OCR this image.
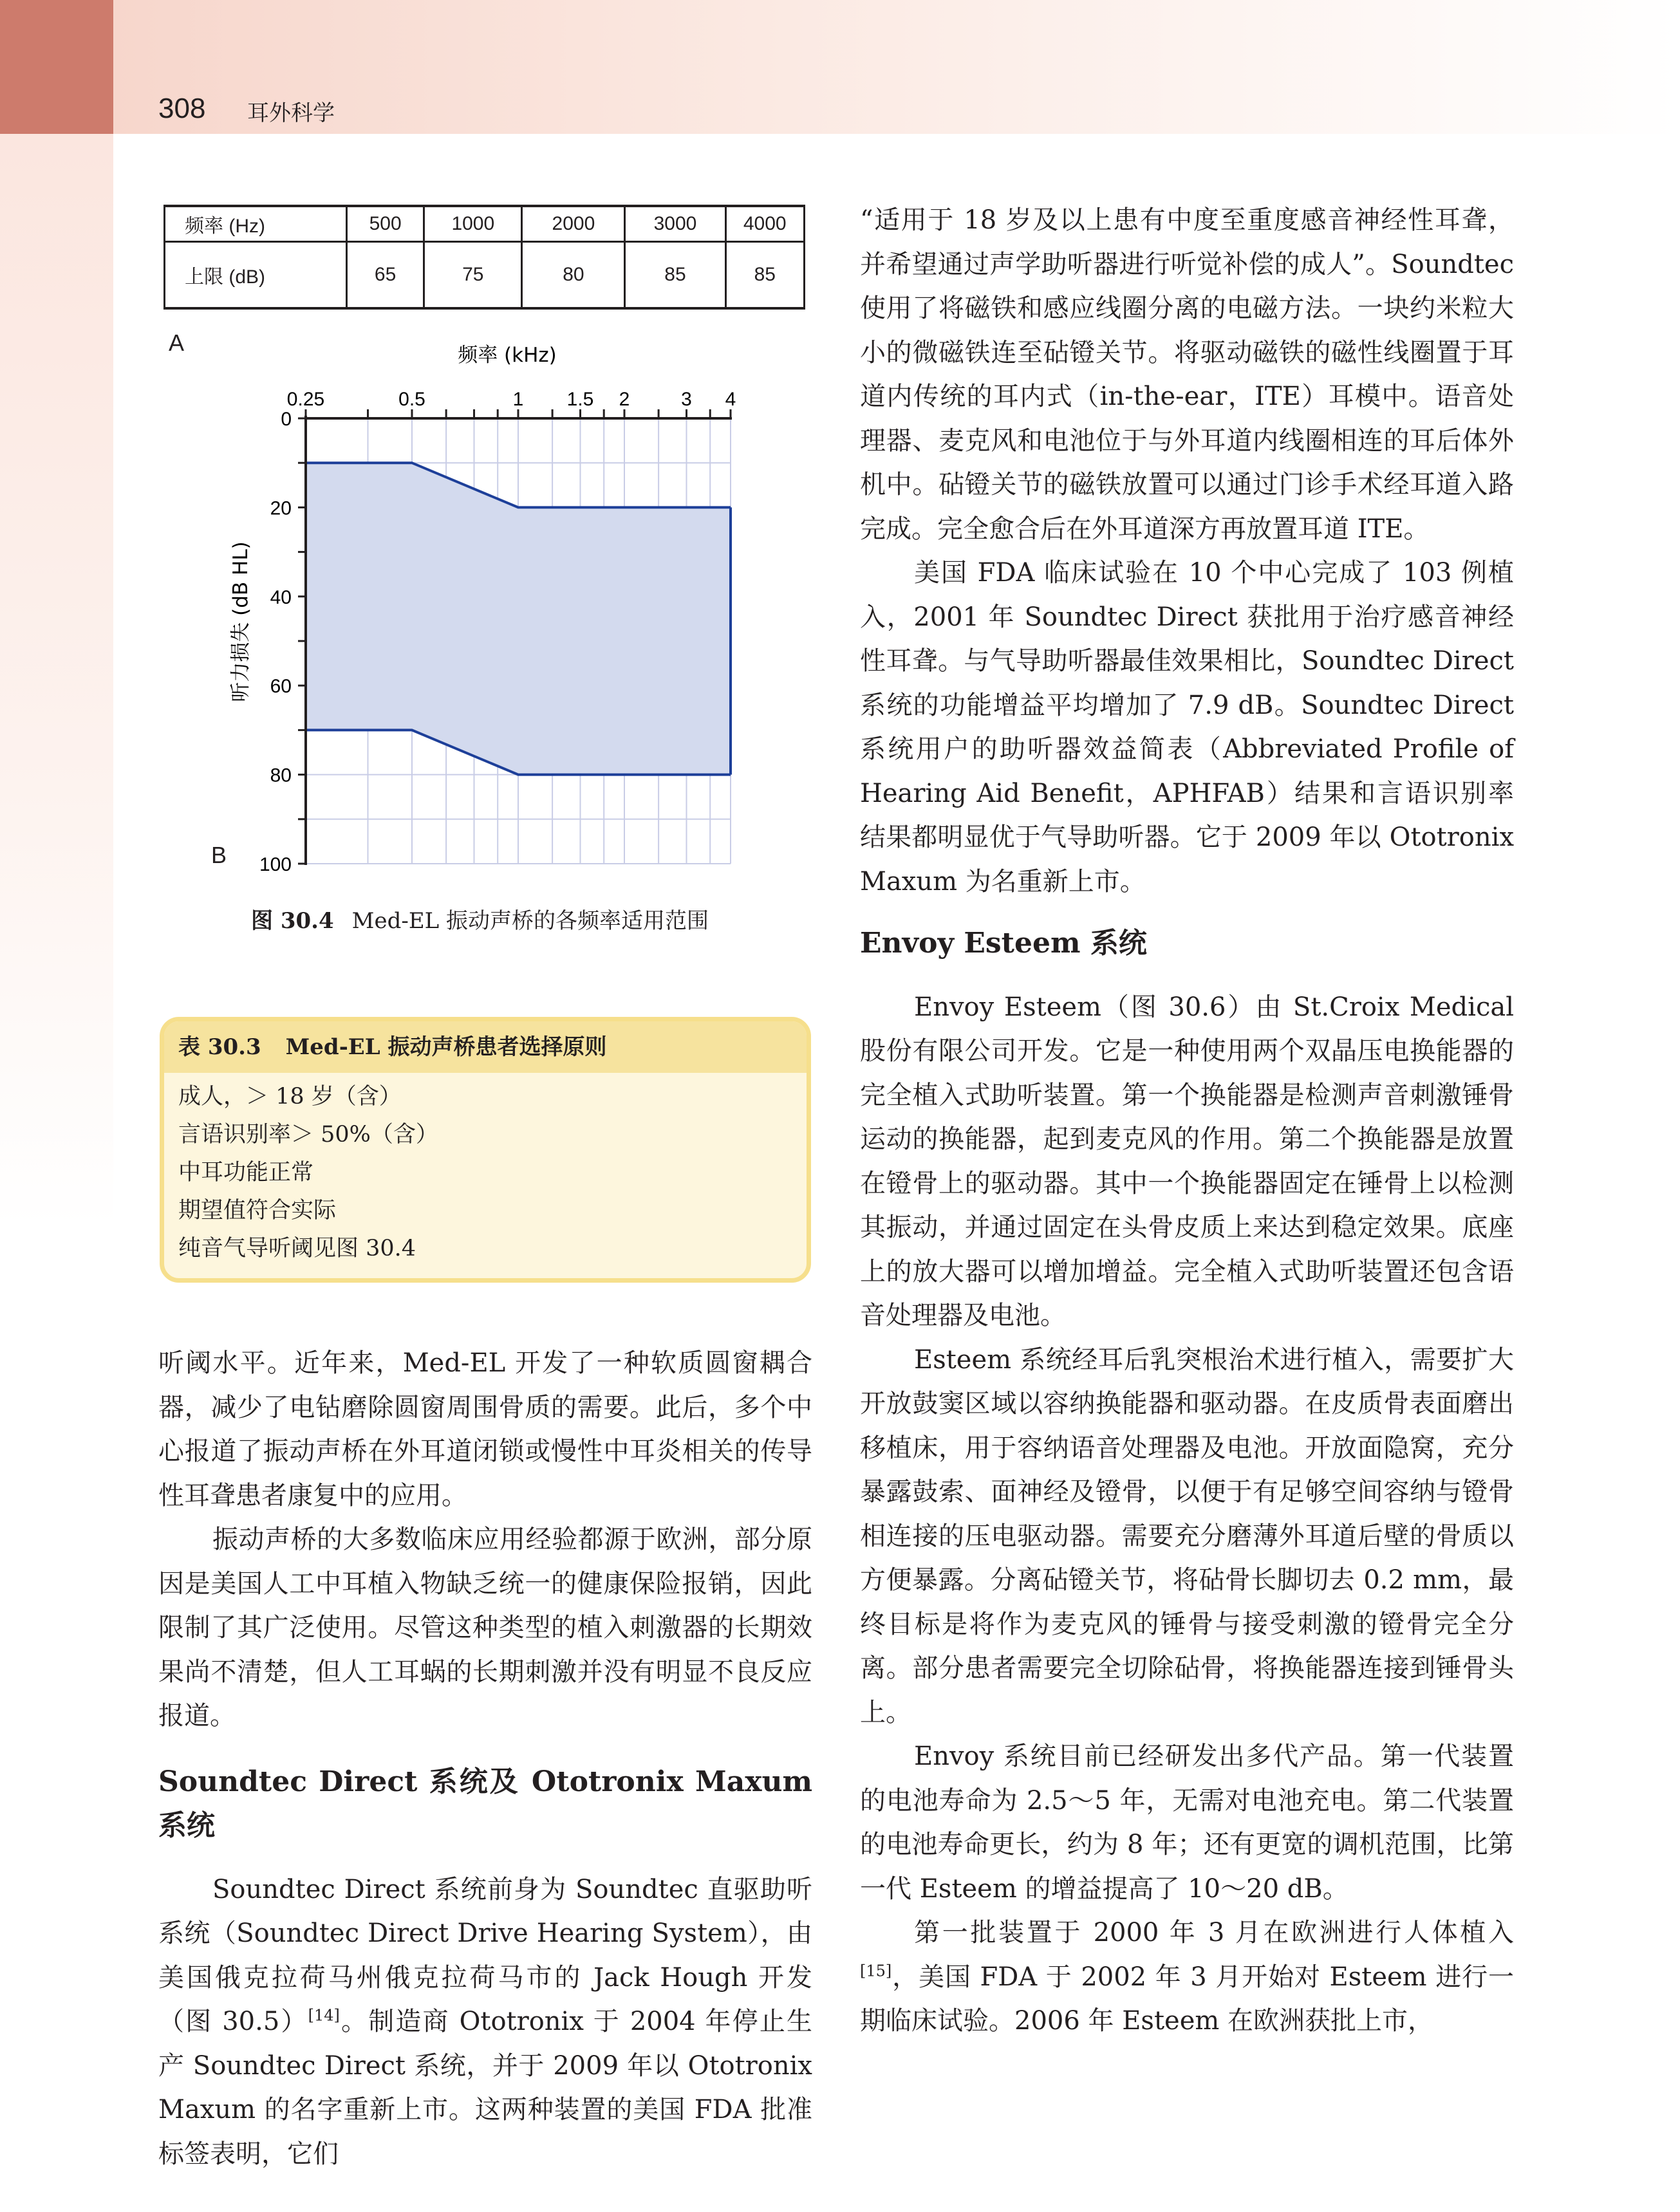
308 耳外科学
频率 (Hz)	500	1000	2000	3000	4000
上限 (dB)	65	75	80	85	85
A
B
频率 (kHz)
听力损失 (dB HL)
0.25	0.5	1 1.5 2	3 4
0
20
40
60
80
100
图 30.4 Med-EL 振动声桥的各频率适用范围
表 30.3 Med-EL 振动声桥患者选择原则
成人，＞ 18 岁（含）
言语识别率＞ 50%（含）
中耳功能正常
期望值符合实际
纯音气导听阈见图 30.4

听阈水平。近年来，Med-EL 开发了一种软质圆窗耦合器，减少了电钻磨除圆窗周围骨质的需要。此后，多个中心报道了振动声桥在外耳道闭锁或慢性中耳炎相关的传导性耳聋患者康复中的应用。

振动声桥的大多数临床应用经验都源于欧洲，部分原因是美国人工中耳植入物缺乏统一的健康保险报销，因此限制了其广泛使用。尽管这种类型的植入刺激器的长期效果尚不清楚，但人工耳蜗的长期刺激并没有明显不良反应报道。

Soundtec Direct 系统及 Ototronix Maxum 系统

Soundtec Direct 系统前身为 Soundtec 直驱助听系统（Soundtec Direct Drive Hearing System），由美国俄克拉荷马州俄克拉荷马市的 Jack Hough 开发（图 30.5）[14]。制造商 Ototronix 于 2004 年停止生产 Soundtec Direct 系统，并于 2009 年以 Ototronix Maxum 的名字重新上市。这两种装置的美国 FDA 批准标签表明，它们

“适用于 18 岁及以上患有中度至重度感音神经性耳聋，并希望通过声学助听器进行听觉补偿的成人”。Soundtec 使用了将磁铁和感应线圈分离的电磁方法。一块约米粒大小的微磁铁连至砧镫关节。将驱动磁铁的磁性线圈置于耳道内传统的耳内式（in-the-ear，ITE）耳模中。语音处理器、麦克风和电池位于与外耳道内线圈相连的耳后体外机中。砧镫关节的磁铁放置可以通过门诊手术经耳道入路完成。完全愈合后在外耳道深方再放置耳道 ITE。

美国 FDA 临床试验在 10 个中心完成了 103 例植入，2001 年 Soundtec Direct 获批用于治疗感音神经性耳聋。与气导助听器最佳效果相比，Soundtec Direct 系统的功能增益平均增加了 7.9 dB。Soundtec Direct 系统用户的助听器效益简表（Abbreviated Profile of Hearing Aid Benefit，APHFAB）结果和言语识别率结果都明显优于气导助听器。它于 2009 年以 Ototronix Maxum 为名重新上市。

Envoy Esteem 系统

Envoy Esteem（图 30.6）由 St.Croix Medical 股份有限公司开发。它是一种使用两个双晶压电换能器的完全植入式助听装置。第一个换能器是检测声音刺激锤骨运动的换能器，起到麦克风的作用。第二个换能器是放置在镫骨上的驱动器。其中一个换能器固定在锤骨上以检测其振动，并通过固定在头骨皮质上来达到稳定效果。底座上的放大器可以增加增益。完全植入式助听装置还包含语音处理器及电池。

Esteem 系统经耳后乳突根治术进行植入，需要扩大开放鼓窦区域以容纳换能器和驱动器。在皮质骨表面磨出移植床，用于容纳语音处理器及电池。开放面隐窝，充分暴露鼓索、面神经及镫骨，以便于有足够空间容纳与镫骨相连接的压电驱动器。需要充分磨薄外耳道后壁的骨质以方便暴露。分离砧镫关节，将砧骨长脚切去 0.2 mm，最终目标是将作为麦克风的锤骨与接受刺激的镫骨完全分离。部分患者需要完全切除砧骨，将换能器连接到锤骨头上。

Envoy 系统目前已经研发出多代产品。第一代装置的电池寿命为 2.5～5 年，无需对电池充电。第二代装置的电池寿命更长，约为 8 年；还有更宽的调机范围，比第一代 Esteem 的增益提高了 10～20 dB。

第一批装置于 2000 年 3 月在欧洲进行人体植入[15]，美国 FDA 于 2002 年 3 月开始对 Esteem 进行一期临床试验。2006 年 Esteem 在欧洲获批上市，
